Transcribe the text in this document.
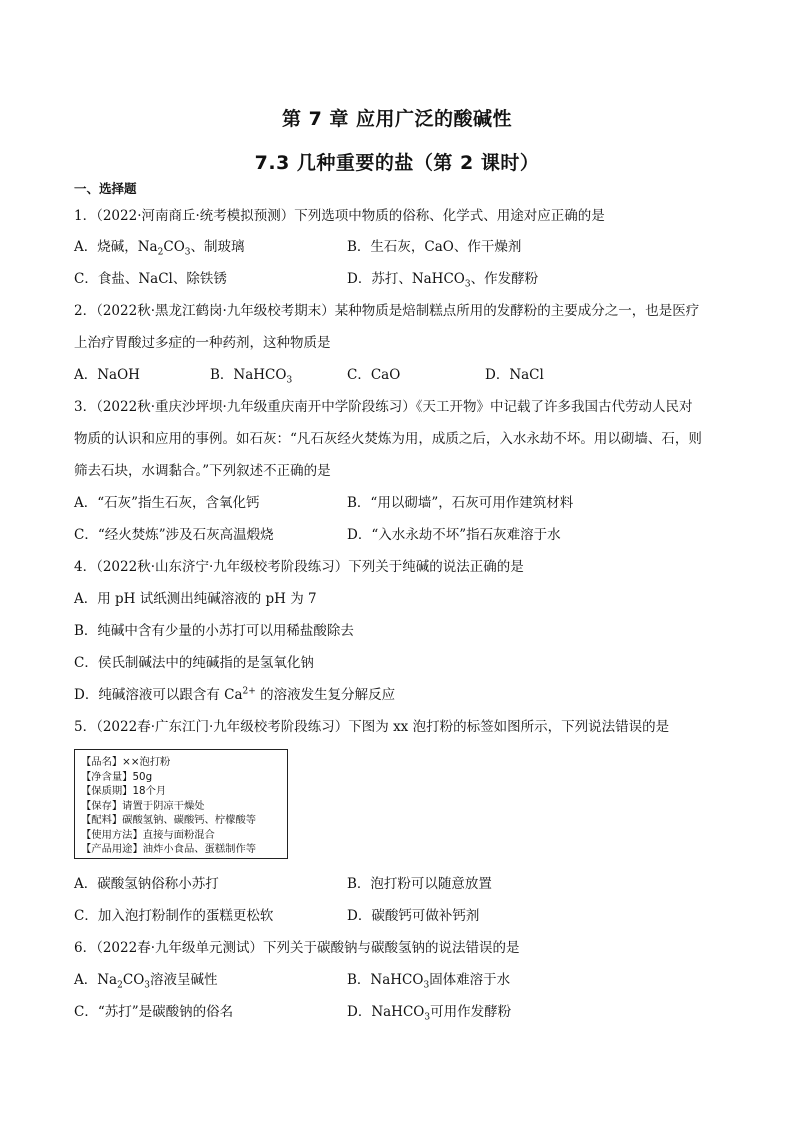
第 7 章 应用广泛的酸碱性
7.3 几种重要的盐（第 2 课时）
一、选择题
1．（2022·河南商丘·统考模拟预测）下列选项中物质的俗称、化学式、用途对应正确的是
A．烧碱，$Na_2CO_3$、制玻璃	B．生石灰，CaO、作干燥剂
C．食盐、NaCl、除铁锈	D．苏打、NaHCO$_3$、作发酵粉
2．（2022秋·黑龙江鹤岗·九年级校考期末）某种物质是焙制糕点所用的发酵粉的主要成分之一，也是医疗
上治疗胃酸过多症的一种药剂，这种物质是
A．NaOH	B．NaHCO$_3$	C．CaO	D．NaCl
3．（2022秋·重庆沙坪坝·九年级重庆南开中学阶段练习）《天工开物》中记载了许多我国古代劳动人民对
物质的认识和应用的事例。如石灰：“凡石灰经火焚炼为用，成质之后，入水永劫不坏。用以砌墙、石，则
筛去石块，水调黏合。”下列叙述不正确的是
A．“石灰”指生石灰，含氧化钙	B．“用以砌墙”，石灰可用作建筑材料
C．“经火焚炼”涉及石灰高温煅烧	D．“入水永劫不坏”指石灰难溶于水
4．（2022秋·山东济宁·九年级校考阶段练习）下列关于纯碱的说法正确的是
A．用 pH 试纸测出纯碱溶液的 pH 为 7
B．纯碱中含有少量的小苏打可以用稀盐酸除去
C．侯氏制碱法中的纯碱指的是氢氧化钠
D．纯碱溶液可以跟含有 $Ca^{2+}$ 的溶液发生复分解反应
5．（2022春·广东江门·九年级校考阶段练习）下图为 xx 泡打粉的标签如图所示，下列说法错误的是
【品名】××泡打粉
【净含量】50g
【保质期】18个月
【保存】请置于阴凉干燥处
【配料】碳酸氢钠、碳酸钙、柠檬酸等
【使用方法】直接与面粉混合
【产品用途】油炸小食品、蛋糕制作等
A．碳酸氢钠俗称小苏打	B．泡打粉可以随意放置
C．加入泡打粉制作的蛋糕更松软	D．碳酸钙可做补钙剂
6．（2022春·九年级单元测试）下列关于碳酸钠与碳酸氢钠的说法错误的是
A．$Na_2CO_3$溶液呈碱性	B．NaHCO$_3$固体难溶于水
C．“苏打”是碳酸钠的俗名	D．NaHCO$_3$可用作发酵粉
